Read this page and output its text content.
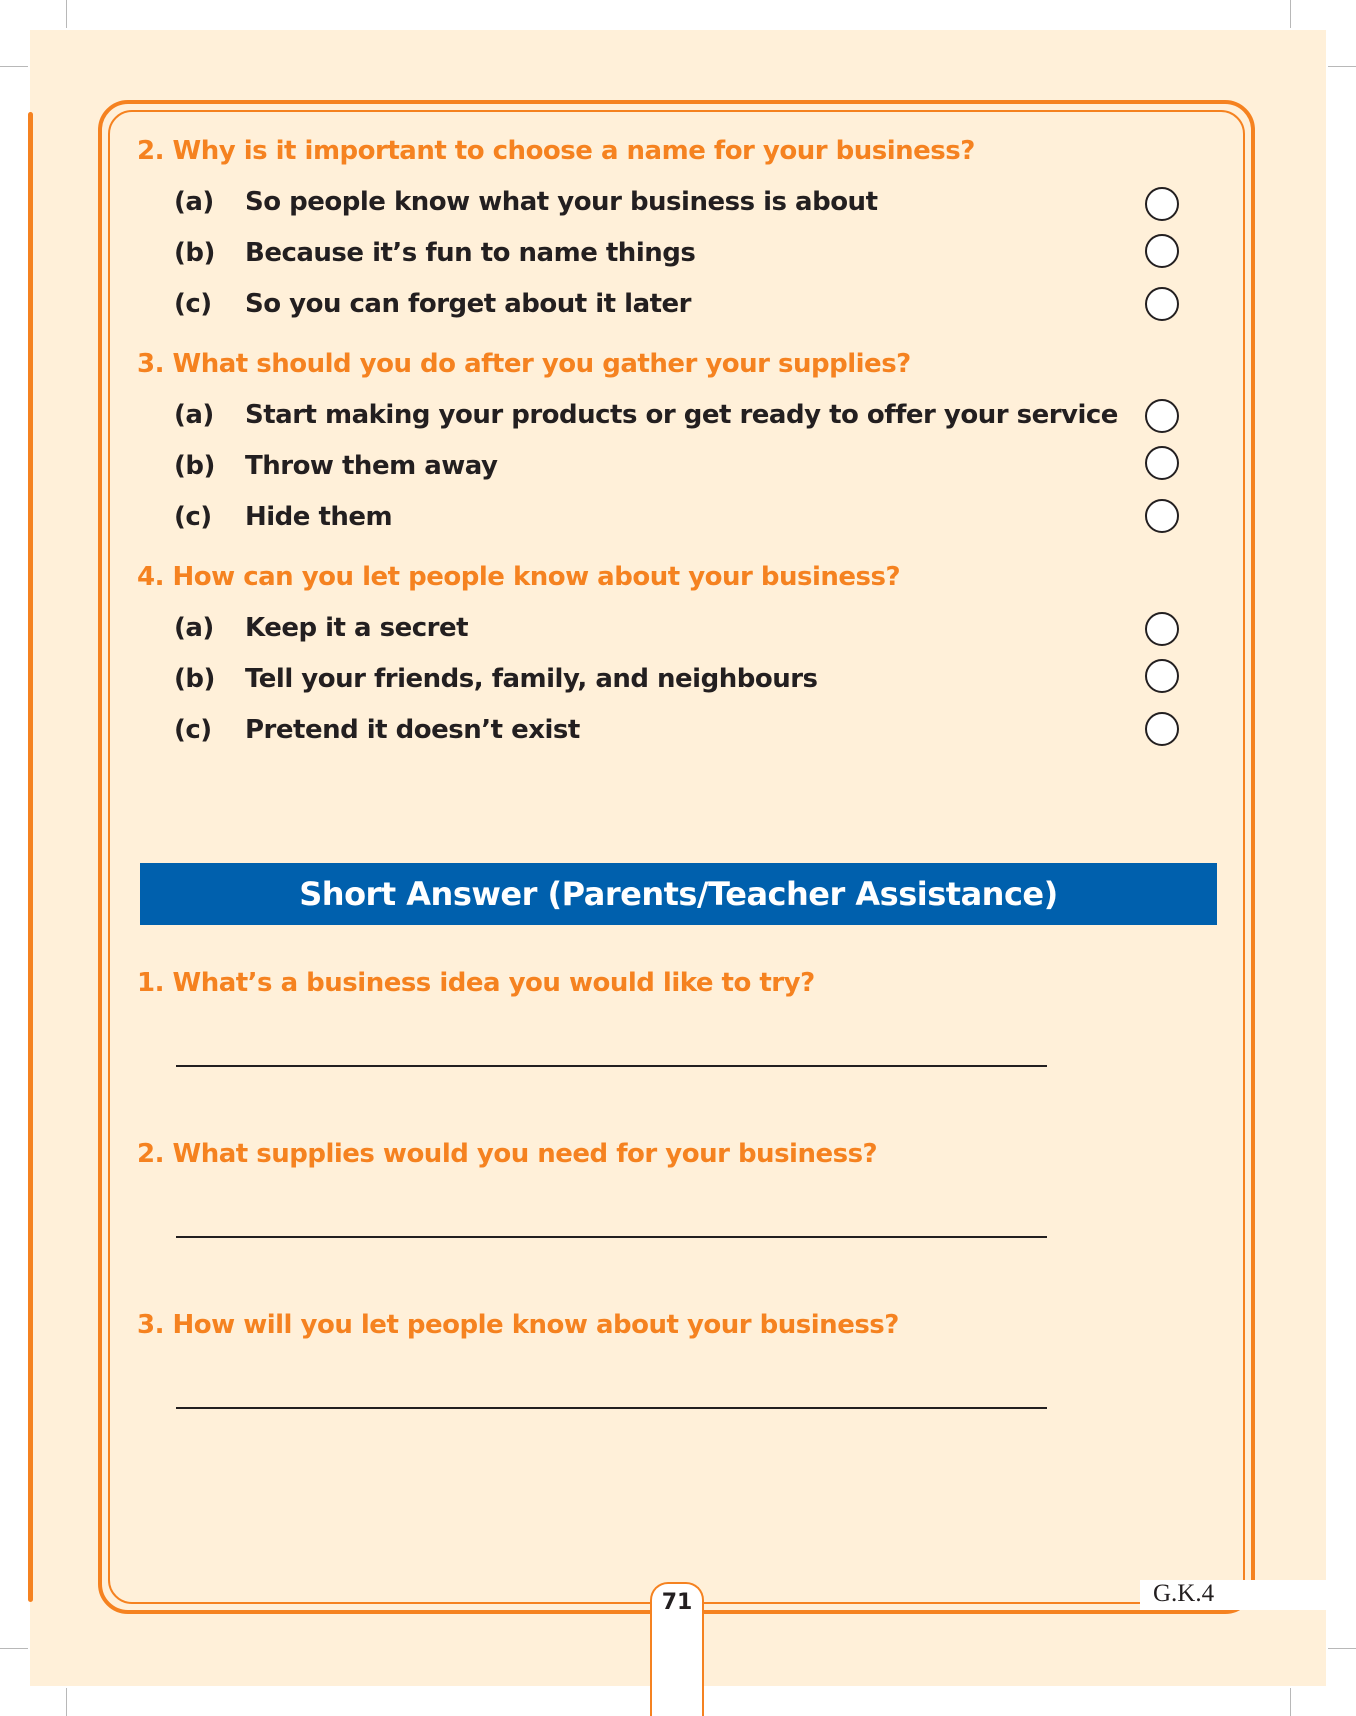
2. Why is it important to choose a name for your business?
(a) So people know what your business is about
(b) Because it’s fun to name things
(c) So you can forget about it later
3. What should you do after you gather your supplies?
(a) Start making your products or get ready to offer your service
(b) Throw them away
(c) Hide them
4. How can you let people know about your business?
(a) Keep it a secret
(b) Tell your friends, family, and neighbours
(c) Pretend it doesn’t exist
Short Answer (Parents/Teacher Assistance)
1. What’s a business idea you would like to try?
2. What supplies would you need for your business?
3. How will you let people know about your business?
71	G.K.4
